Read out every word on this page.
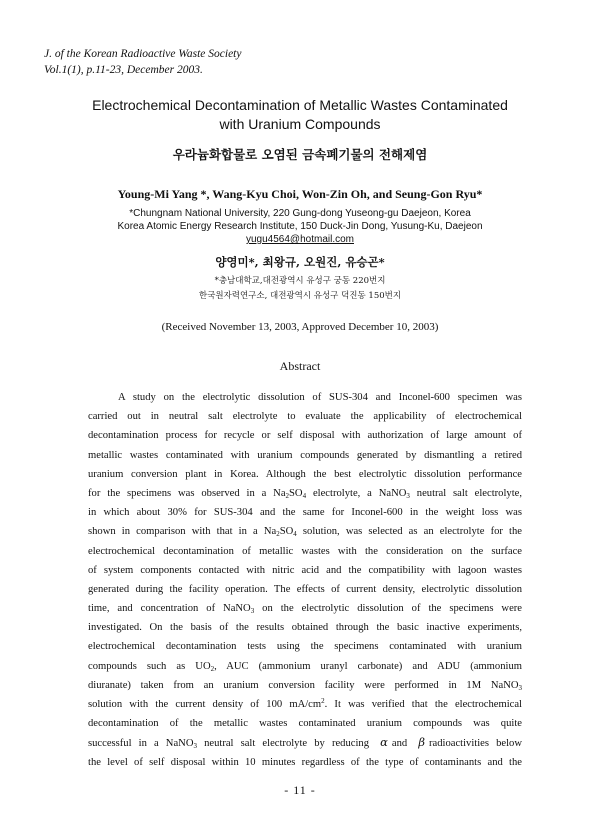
J. of the Korean Radioactive Waste Society
Vol.1(1), p.11-23, December 2003.
Electrochemical Decontamination of Metallic Wastes Contaminated
with Uranium Compounds
우라늄화합물로 오염된 금속폐기물의 전해제염
Young-Mi Yang *, Wang-Kyu Choi, Won-Zin Oh, and Seung-Gon Ryu*
*Chungnam National University, 220 Gung-dong Yuseong-gu Daejeon, Korea
Korea Atomic Energy Research Institute, 150 Duck-Jin Dong, Yusung-Ku, Daejeon
yugu4564@hotmail.com
양영미*, 최왕규, 오원진, 유승곤*
*충남대학교,대전광역시 유성구 궁동 220번지
한국원자력연구소, 대전광역시 유성구 덕진동 150번지
(Received November 13, 2003, Approved December 10, 2003)
Abstract
A study on the electrolytic dissolution of SUS-304 and Inconel-600 specimen was
carried out in neutral salt electrolyte to evaluate the applicability of electrochemical
decontamination process for recycle or self disposal with authorization of large amount of
metallic wastes contaminated with uranium compounds generated by dismantling a retired
uranium conversion plant in Korea. Although the best electrolytic dissolution performance
for the specimens was observed in a $Na_2SO_4$ electrolyte, a NaNO$_3$ neutral salt electrolyte,
in which about 30% for SUS-304 and the same for Inconel-600 in the weight loss was
shown in comparison with that in a $Na_2SO_4$ solution, was selected as an electrolyte for the
electrochemical decontamination of metallic wastes with the consideration on the surface
of system components contacted with nitric acid and the compatibility with lagoon wastes
generated during the facility operation. The effects of current density, electrolytic dissolution
time, and concentration of NaNO$_3$ on the electrolytic dissolution of the specimens were
investigated. On the basis of the results obtained through the basic inactive experiments,
electrochemical decontamination tests using the specimens contaminated with uranium
compounds such as $UO_2$, AUC (ammonium uranyl carbonate) and ADU (ammonium
diuranate) taken from an uranium conversion facility were performed in 1M NaNO$_3$
solution with the current density of 100 $mA/cm^2$. It was verified that the electrochemical
decontamination of the metallic wastes contaminated uranium compounds was quite
successful in a NaNO$_3$ neutral salt electrolyte by reducing α and β radioactivities below
the level of self disposal within 10 minutes regardless of the type of contaminants and the
- 11 -
